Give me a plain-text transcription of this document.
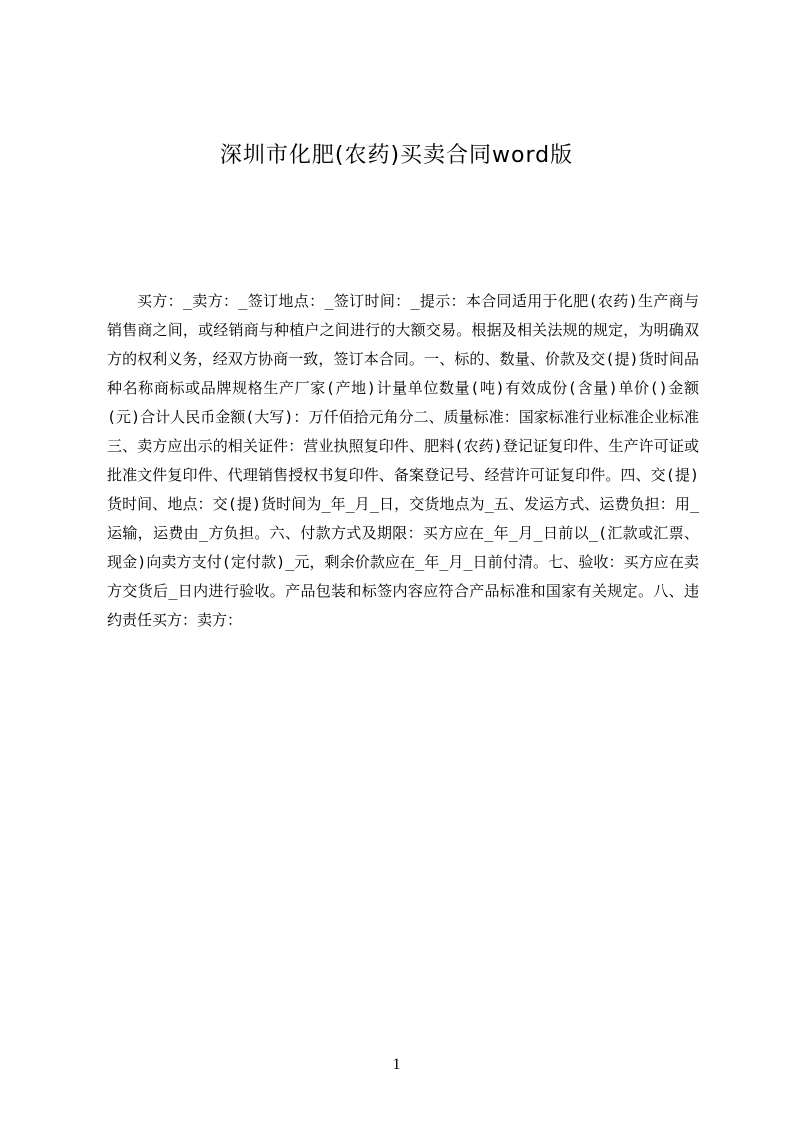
深圳市化肥(农药)买卖合同word版

买方：_卖方：_签订地点：_签订时间：_提示：本合同适用于化肥(农药)生产商与销售商之间，或经销商与种植户之间进行的大额交易。根据及相关法规的规定，为明确双方的权利义务，经双方协商一致，签订本合同。一、标的、数量、价款及交(提)货时间品种名称商标或品牌规格生产厂家(产地)计量单位数量(吨)有效成份(含量)单价()金额(元)合计人民币金额(大写)：万仟佰拾元角分二、质量标准：国家标准行业标准企业标准三、卖方应出示的相关证件：营业执照复印件、肥料(农药)登记证复印件、生产许可证或批准文件复印件、代理销售授权书复印件、备案登记号、经营许可证复印件。四、交(提)货时间、地点：交(提)货时间为_年_月_日，交货地点为_五、发运方式、运费负担：用_运输，运费由_方负担。六、付款方式及期限：买方应在_年_月_日前以_(汇款或汇票、现金)向卖方支付(定付款)_元，剩余价款应在_年_月_日前付清。七、验收：买方应在卖方交货后_日内进行验收。产品包装和标签内容应符合产品标准和国家有关规定。八、违约责任买方：卖方：

1
